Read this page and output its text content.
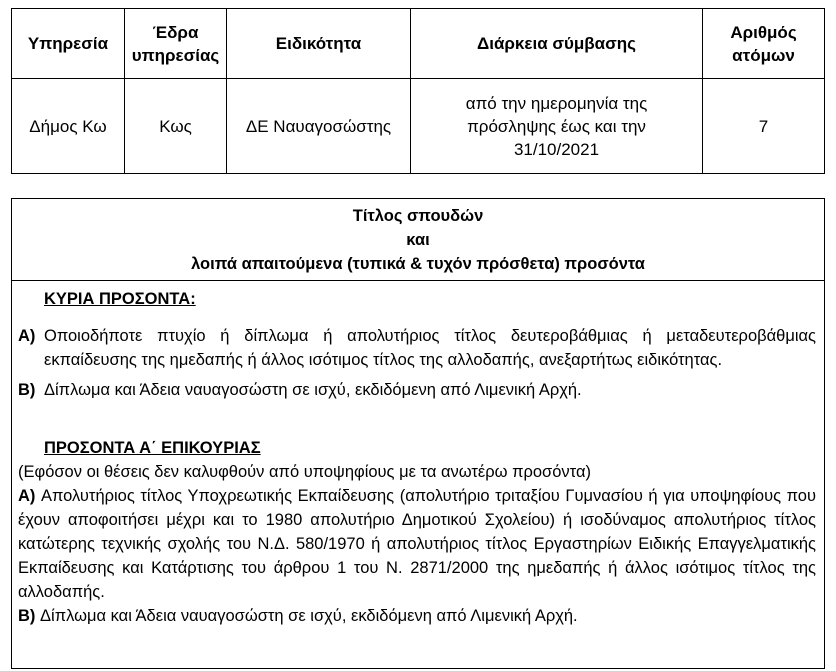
Υπηρεσία	Έδρα υπηρεσίας	Ειδικότητα	Διάρκεια σύμβασης	Αριθμός ατόμων
Δήμος Κω	Κως	ΔΕ Ναυαγοσώστης	από την ημερομηνία της πρόσληψης έως και την 31/10/2021	7
Τίτλος σπουδών
και
λοιπά απαιτούμενα (τυπικά & τυχόν πρόσθετα) προσόντα
ΚΥΡΙΑ ΠΡΟΣΟΝΤΑ:
A) Οποιοδήποτε πτυχίο ή δίπλωμα ή απολυτήριος τίτλος δευτεροβάθμιας ή μεταδευτεροβάθμιας εκπαίδευσης της ημεδαπής ή άλλος ισότιμος τίτλος της αλλοδαπής, ανεξαρτήτως ειδικότητας.
B) Δίπλωμα και Άδεια ναυαγοσώστη σε ισχύ, εκδιδόμενη από Λιμενική Αρχή.
ΠΡΟΣΟΝΤΑ Α΄ ΕΠΙΚΟΥΡΙΑΣ
(Εφόσον οι θέσεις δεν καλυφθούν από υποψηφίους με τα ανωτέρω προσόντα)
A) Απολυτήριος τίτλος Υποχρεωτικής Εκπαίδευσης (απολυτήριο τριταξίου Γυμνασίου ή για υποψηφίους που έχουν αποφοιτήσει μέχρι και το 1980 απολυτήριο Δημοτικού Σχολείου) ή ισοδύναμος απολυτήριος τίτλος κατώτερης τεχνικής σχολής του Ν.Δ. 580/1970 ή απολυτήριος τίτλος Εργαστηρίων Ειδικής Επαγγελματικής Εκπαίδευσης και Κατάρτισης του άρθρου 1 του Ν. 2871/2000 της ημεδαπής ή άλλος ισότιμος τίτλος της αλλοδαπής.
B) Δίπλωμα και Άδεια ναυαγοσώστη σε ισχύ, εκδιδόμενη από Λιμενική Αρχή.
